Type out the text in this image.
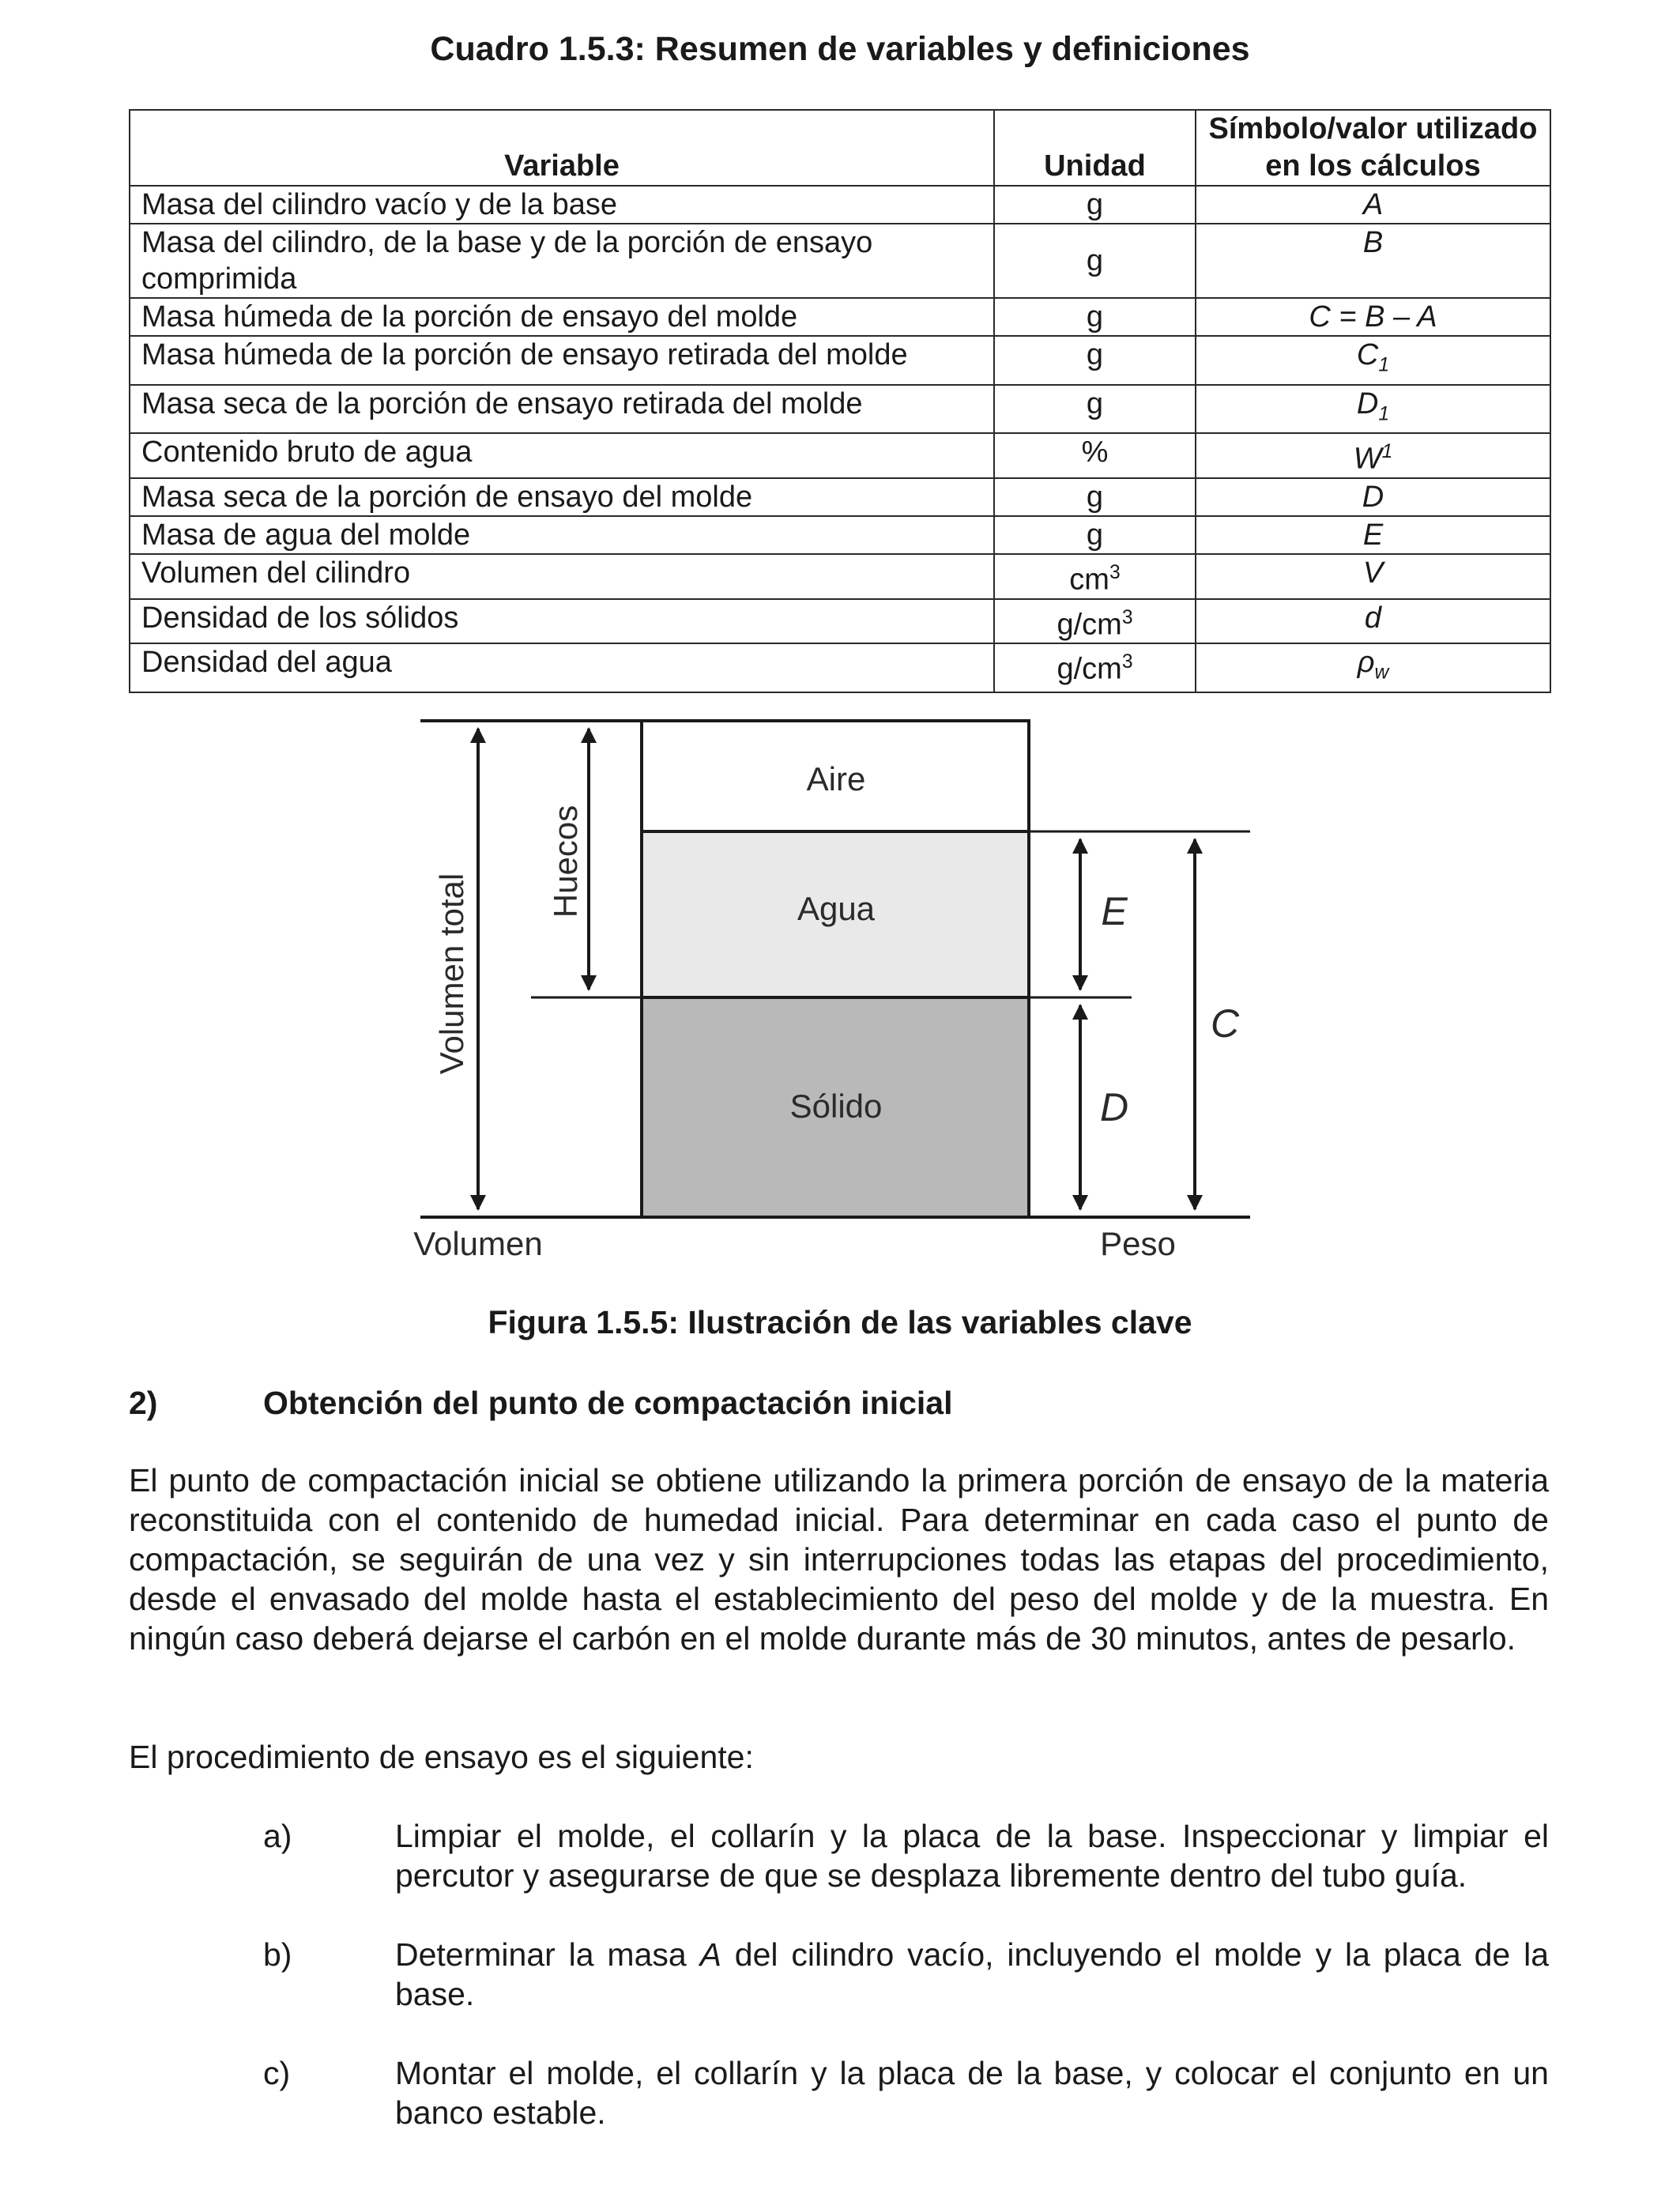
Cuadro 1.5.3: Resumen de variables y definiciones
Variable	Unidad	Símbolo/valor utilizado
en los cálculos
Masa del cilindro vacío y de la base	g	A
Masa del cilindro, de la base y de la porción de ensayo comprimida	g	B
Masa húmeda de la porción de ensayo del molde	g	C = B – A
Masa húmeda de la porción de ensayo retirada del molde	g	$C_1$
Masa seca de la porción de ensayo retirada del molde	g	$D_1$
Contenido bruto de agua	%	$W^1$
Masa seca de la porción de ensayo del molde	g	D
Masa de agua del molde	g	E
Volumen del cilindro	$cm^3$	V
Densidad de los sólidos	$g/cm^3$	d
Densidad del agua	$g/cm^3$	$\rho_w$
Aire
Agua
Sólido
Volumen total
Huecos
Volumen	Peso
E
D
C
Figura 1.5.5: Ilustración de las variables clave
2)	Obtención del punto de compactación inicial
El punto de compactación inicial se obtiene utilizando la primera porción de ensayo de la materia reconstituida con el contenido de humedad inicial. Para determinar en cada caso el punto de compactación, se seguirán de una vez y sin interrupciones todas las etapas del procedimiento, desde el envasado del molde hasta el establecimiento del peso del molde y de la muestra. En ningún caso deberá dejarse el carbón en el molde durante más de 30 minutos, antes de pesarlo.
El procedimiento de ensayo es el siguiente:
a)	Limpiar el molde, el collarín y la placa de la base. Inspeccionar y limpiar el percutor y asegurarse de que se desplaza libremente dentro del tubo guía.
b)	Determinar la masa A del cilindro vacío, incluyendo el molde y la placa de la base.
c)	Montar el molde, el collarín y la placa de la base, y colocar el conjunto en un banco estable.
